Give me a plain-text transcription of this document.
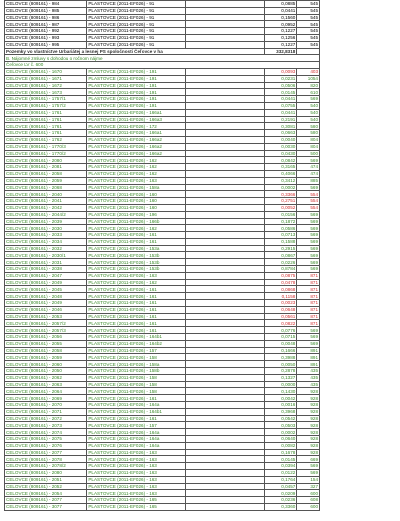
CELOVCE (809161) - 984	PLASTOVCE (2011-EF026) - 91		0,0885	545
CELOVCE (809161) - 985	PLASTOVCE (2011-EF026) - 91		0,0441	545
CELOVCE (809161) - 986	PLASTOVCE (2011-EF026) - 91		0,1560	545
CELOVCE (809161) - 987	PLASTOVCE (2011-EF026) - 91		0,0952	545
CELOVCE (809161) - 992	PLASTOVCE (2011-EF026) - 91		0,1227	545
CELOVCE (809161) - 993	PLASTOVCE (2011-EF026) - 91		0,1256	545
CELOVCE (809161) - 995	PLASTOVCE (2011-EF026) - 91		0,1227	545
Pozemky vo vlastníctve Urbariátej a lesnej PS spoločnosti Čeľovce v ha			332,8318	
B. Nájomné zmluvy s dohodou o ročnom nájme				
Čeľovce LV č. 600				
CELOVCE (809161) - 1670	PLASTOVCE (2011-EF026) - 191		0,0093	403
CELOVCE (809161) - 1671	PLASTOVCE (2011-EF026) - 191		0,0231	1054
CELOVCE (809161) - 1672	PLASTOVCE (2011-EF026) - 191		0,0506	820
CELOVCE (809161) - 1673	PLASTOVCE (2011-EF026) - 191		0,0145	610
CELOVCE (809161) - 1757/1	PLASTOVCE (2011-EF026) - 191		0,0441	569
CELOVCE (809161) - 1757/2	PLASTOVCE (2011-EF026) - 191		0,0755	540
CELOVCE (809161) - 1761	PLASTOVCE (2011-EF026) - 166a1		0,0441	540
CELOVCE (809161) - 1761	PLASTOVCE (2011-EF026) - 166a3		0,2191	540
CELOVCE (809161) - 1761	PLASTOVCE (2011-EF026) - 172		0,3081	580
CELOVCE (809161) - 1761	PLASTOVCE (2011-EF026) - 166a1		0,0663	580
CELOVCE (809161) - 1762	PLASTOVCE (2011-EF026) - 166a2		0,0040	804
CELOVCE (809161) - 1770/3	PLASTOVCE (2011-EF026) - 166a2		0,0030	804
CELOVCE (809161) - 1770/2	PLASTOVCE (2011-EF026) - 166a2		0,0430	500
CELOVCE (809161) - 2080	PLASTOVCE (2011-EF026) - 162		0,0842	569
CELOVCE (809161) - 2081	PLASTOVCE (2011-EF026) - 162		0,3165	474
CELOVCE (809161) - 2058	PLASTOVCE (2011-EF026) - 162		0,4066	474
CELOVCE (809161) - 2059	PLASTOVCE (2011-EF026) - 163		0,3412	885
CELOVCE (809161) - 2068	PLASTOVCE (2011-EF026) - 158a		0,0002	569
CELOVCE (809161) - 2040	PLASTOVCE (2011-EF026) - 160		0,3366	554
CELOVCE (809161) - 2041	PLASTOVCE (2011-EF026) - 160		0,2751	554
CELOVCE (809161) - 2042	PLASTOVCE (2011-EF026) - 160		0,0052	554
CELOVCE (809161) - 2044/2	PLASTOVCE (2011-EF026) - 196		0,0156	569
CELOVCE (809161) - 2039	PLASTOVCE (2011-EF026) - 166b		0,1872	569
CELOVCE (809161) - 2030	PLASTOVCE (2011-EF026) - 162		0,0586	569
CELOVCE (809161) - 2033	PLASTOVCE (2011-EF026) - 161		0,0713	569
CELOVCE (809161) - 2034	PLASTOVCE (2011-EF026) - 161		0,1588	569
CELOVCE (809161) - 2032	PLASTOVCE (2011-EF026) - 153a		0,2915	569
CELOVCE (809161) - 2030/1	PLASTOVCE (2011-EF026) - 153b		0,0867	569
CELOVCE (809161) - 2031	PLASTOVCE (2011-EF026) - 153b		0,0226	569
CELOVCE (809161) - 2038	PLASTOVCE (2011-EF026) - 153b		0,8784	569
CELOVCE (809161) - 2047	PLASTOVCE (2011-EF026) - 163		0,0875	871
CELOVCE (809161) - 2049	PLASTOVCE (2011-EF026) - 162		0,0478	871
CELOVCE (809161) - 2045	PLASTOVCE (2011-EF026) - 161		0,0868	871
CELOVCE (809161) - 2048	PLASTOVCE (2011-EF026) - 161		0,1158	871
CELOVCE (809161) - 2049	PLASTOVCE (2011-EF026) - 161		0,0023	871
CELOVCE (809161) - 2046	PLASTOVCE (2011-EF026) - 161		0,0648	871
CELOVCE (809161) - 2053	PLASTOVCE (2011-EF026) - 161		0,0561	871
CELOVCE (809161) - 2057/2	PLASTOVCE (2011-EF026) - 161		0,0822	871
CELOVCE (809161) - 2057/3	PLASTOVCE (2011-EF026) - 161		0,0776	569
CELOVCE (809161) - 2056	PLASTOVCE (2011-EF026) - 164b1		0,0715	569
CELOVCE (809161) - 2055	PLASTOVCE (2011-EF026) - 164b2		0,0048	569
CELOVCE (809161) - 2058	PLASTOVCE (2011-EF026) - 157		0,1666	891
CELOVCE (809161) - 2059	PLASTOVCE (2011-EF026) - 158		0,3988	891
CELOVCE (809161) - 2060	PLASTOVCE (2011-EF026) - 158a		0,0050	891
CELOVCE (809161) - 2050	PLASTOVCE (2011-EF026) - 158b		0,2878	435
CELOVCE (809161) - 2062	PLASTOVCE (2011-EF026) - 158		0,1327	435
CELOVCE (809161) - 2063	PLASTOVCE (2011-EF026) - 158		0,0000	435
CELOVCE (809161) - 2064	PLASTOVCE (2011-EF026) - 158		0,1430	928
CELOVCE (809161) - 2069	PLASTOVCE (2011-EF026) - 161		0,0042	928
CELOVCE (809161) - 2070	PLASTOVCE (2011-EF026) - 164a		0,0016	928
CELOVCE (809161) - 2071	PLASTOVCE (2011-EF026) - 164b1		0,3968	928
CELOVCE (809161) - 2072	PLASTOVCE (2011-EF026) - 161		0,0542	928
CELOVCE (809161) - 2073	PLASTOVCE (2011-EF026) - 157		0,0503	928
CELOVCE (809161) - 2074	PLASTOVCE (2011-EF026) - 164a		0,0002	928
CELOVCE (809161) - 2075	PLASTOVCE (2011-EF026) - 164a		0,0640	928
CELOVCE (809161) - 2076	PLASTOVCE (2011-EF026) - 164a		0,0082	928
CELOVCE (809161) - 2077	PLASTOVCE (2011-EF026) - 163		0,1678	928
CELOVCE (809161) - 2078	PLASTOVCE (2011-EF026) - 163		0,0145	669
CELOVCE (809161) - 2078/2	PLASTOVCE (2011-EF026) - 163		0,0394	569
CELOVCE (809161) - 2080	PLASTOVCE (2011-EF026) - 163		0,0122	569
CELOVCE (809161) - 2051	PLASTOVCE (2011-EF026) - 163		0,1764	154
CELOVCE (809161) - 2052	PLASTOVCE (2011-EF026) - 163		0,0457	327
CELOVCE (809161) - 2054	PLASTOVCE (2011-EF026) - 163		0,0209	600
CELOVCE (809161) - 2077	PLASTOVCE (2011-EF026) - 165		0,0236	608
CELOVCE (809161) - 3077	PLASTOVCE (2011-EF026) - 165		0,3360	600
